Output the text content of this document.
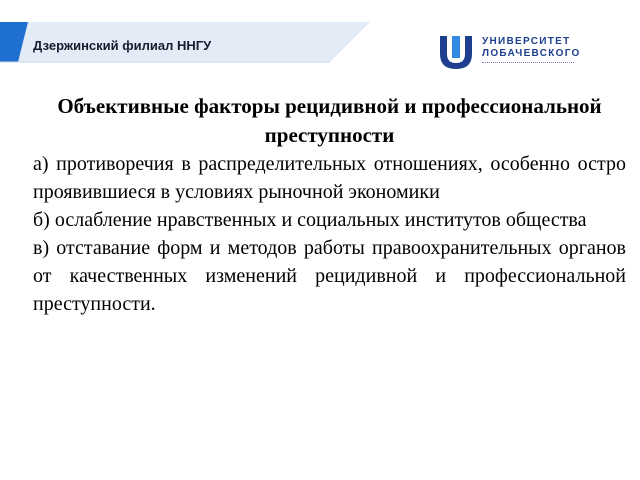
Дзержинский филиал ННГУ	УНИВЕРСИТЕТ
ЛОБАЧЕВСКОГО

Объективные факторы рецидивной и профессиональной преступности

а) противоречия в распределительных отношениях, особенно остро проявившиеся в условиях рыночной экономики

б) ослабление нравственных и социальных институтов общества

в) отставание форм и методов работы правоохранительных органов от качественных изменений рецидивной и профессиональной преступности.
